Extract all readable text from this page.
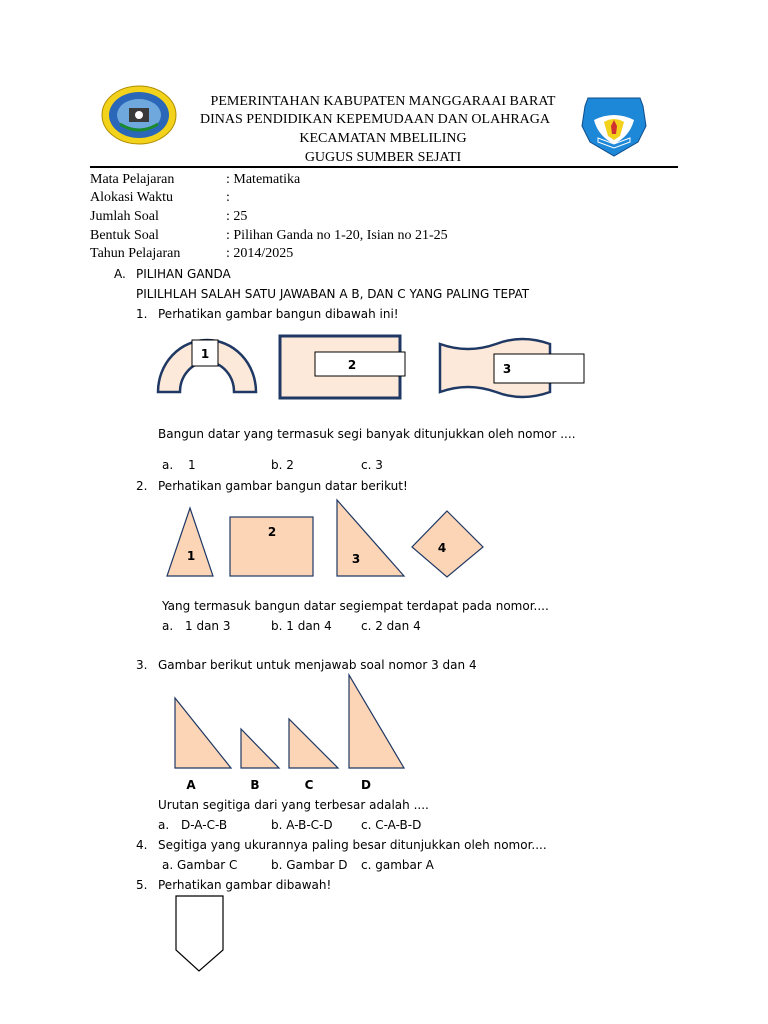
PEMERINTAHAN KABUPATEN MANGGARAAI BARAT
DINAS PENDIDIKAN KEPEMUDAAN DAN OLAHRAGA
KECAMATAN MBELILING
GUGUS SUMBER SEJATI
Mata Pelajaran	: Matematika
Alokasi Waktu	:
Jumlah Soal	: 25
Bentuk Soal	: Pilihan Ganda no 1-20, Isian no 21-25
Tahun Pelajaran	: 2014/2025
A. PILIHAN GANDA
PILILHLAH SALAH SATU JAWABAN A B, DAN C YANG PALING TEPAT
1. Perhatikan gambar bangun dibawah ini!
1
2	3
Bangun datar yang termasuk segi banyak ditunjukkan oleh nomor ....
a. 1	b. 2	c. 3
2. Perhatikan gambar bangun datar berikut!
1
2
3
4
Yang termasuk bangun datar segiempat terdapat pada nomor....
a. 1 dan 3	b. 1 dan 4 c. 2 dan 4
3. Gambar berikut untuk menjawab soal nomor 3 dan 4
A	B	C	D
Urutan segitiga dari yang terbesar adalah ....
a. D-A-C-B	b. A-B-C-D c. C-A-B-D
4. Segitiga yang ukurannya paling besar ditunjukkan oleh nomor....
a. Gambar C	b. Gambar D c. gambar A
5. Perhatikan gambar dibawah!
